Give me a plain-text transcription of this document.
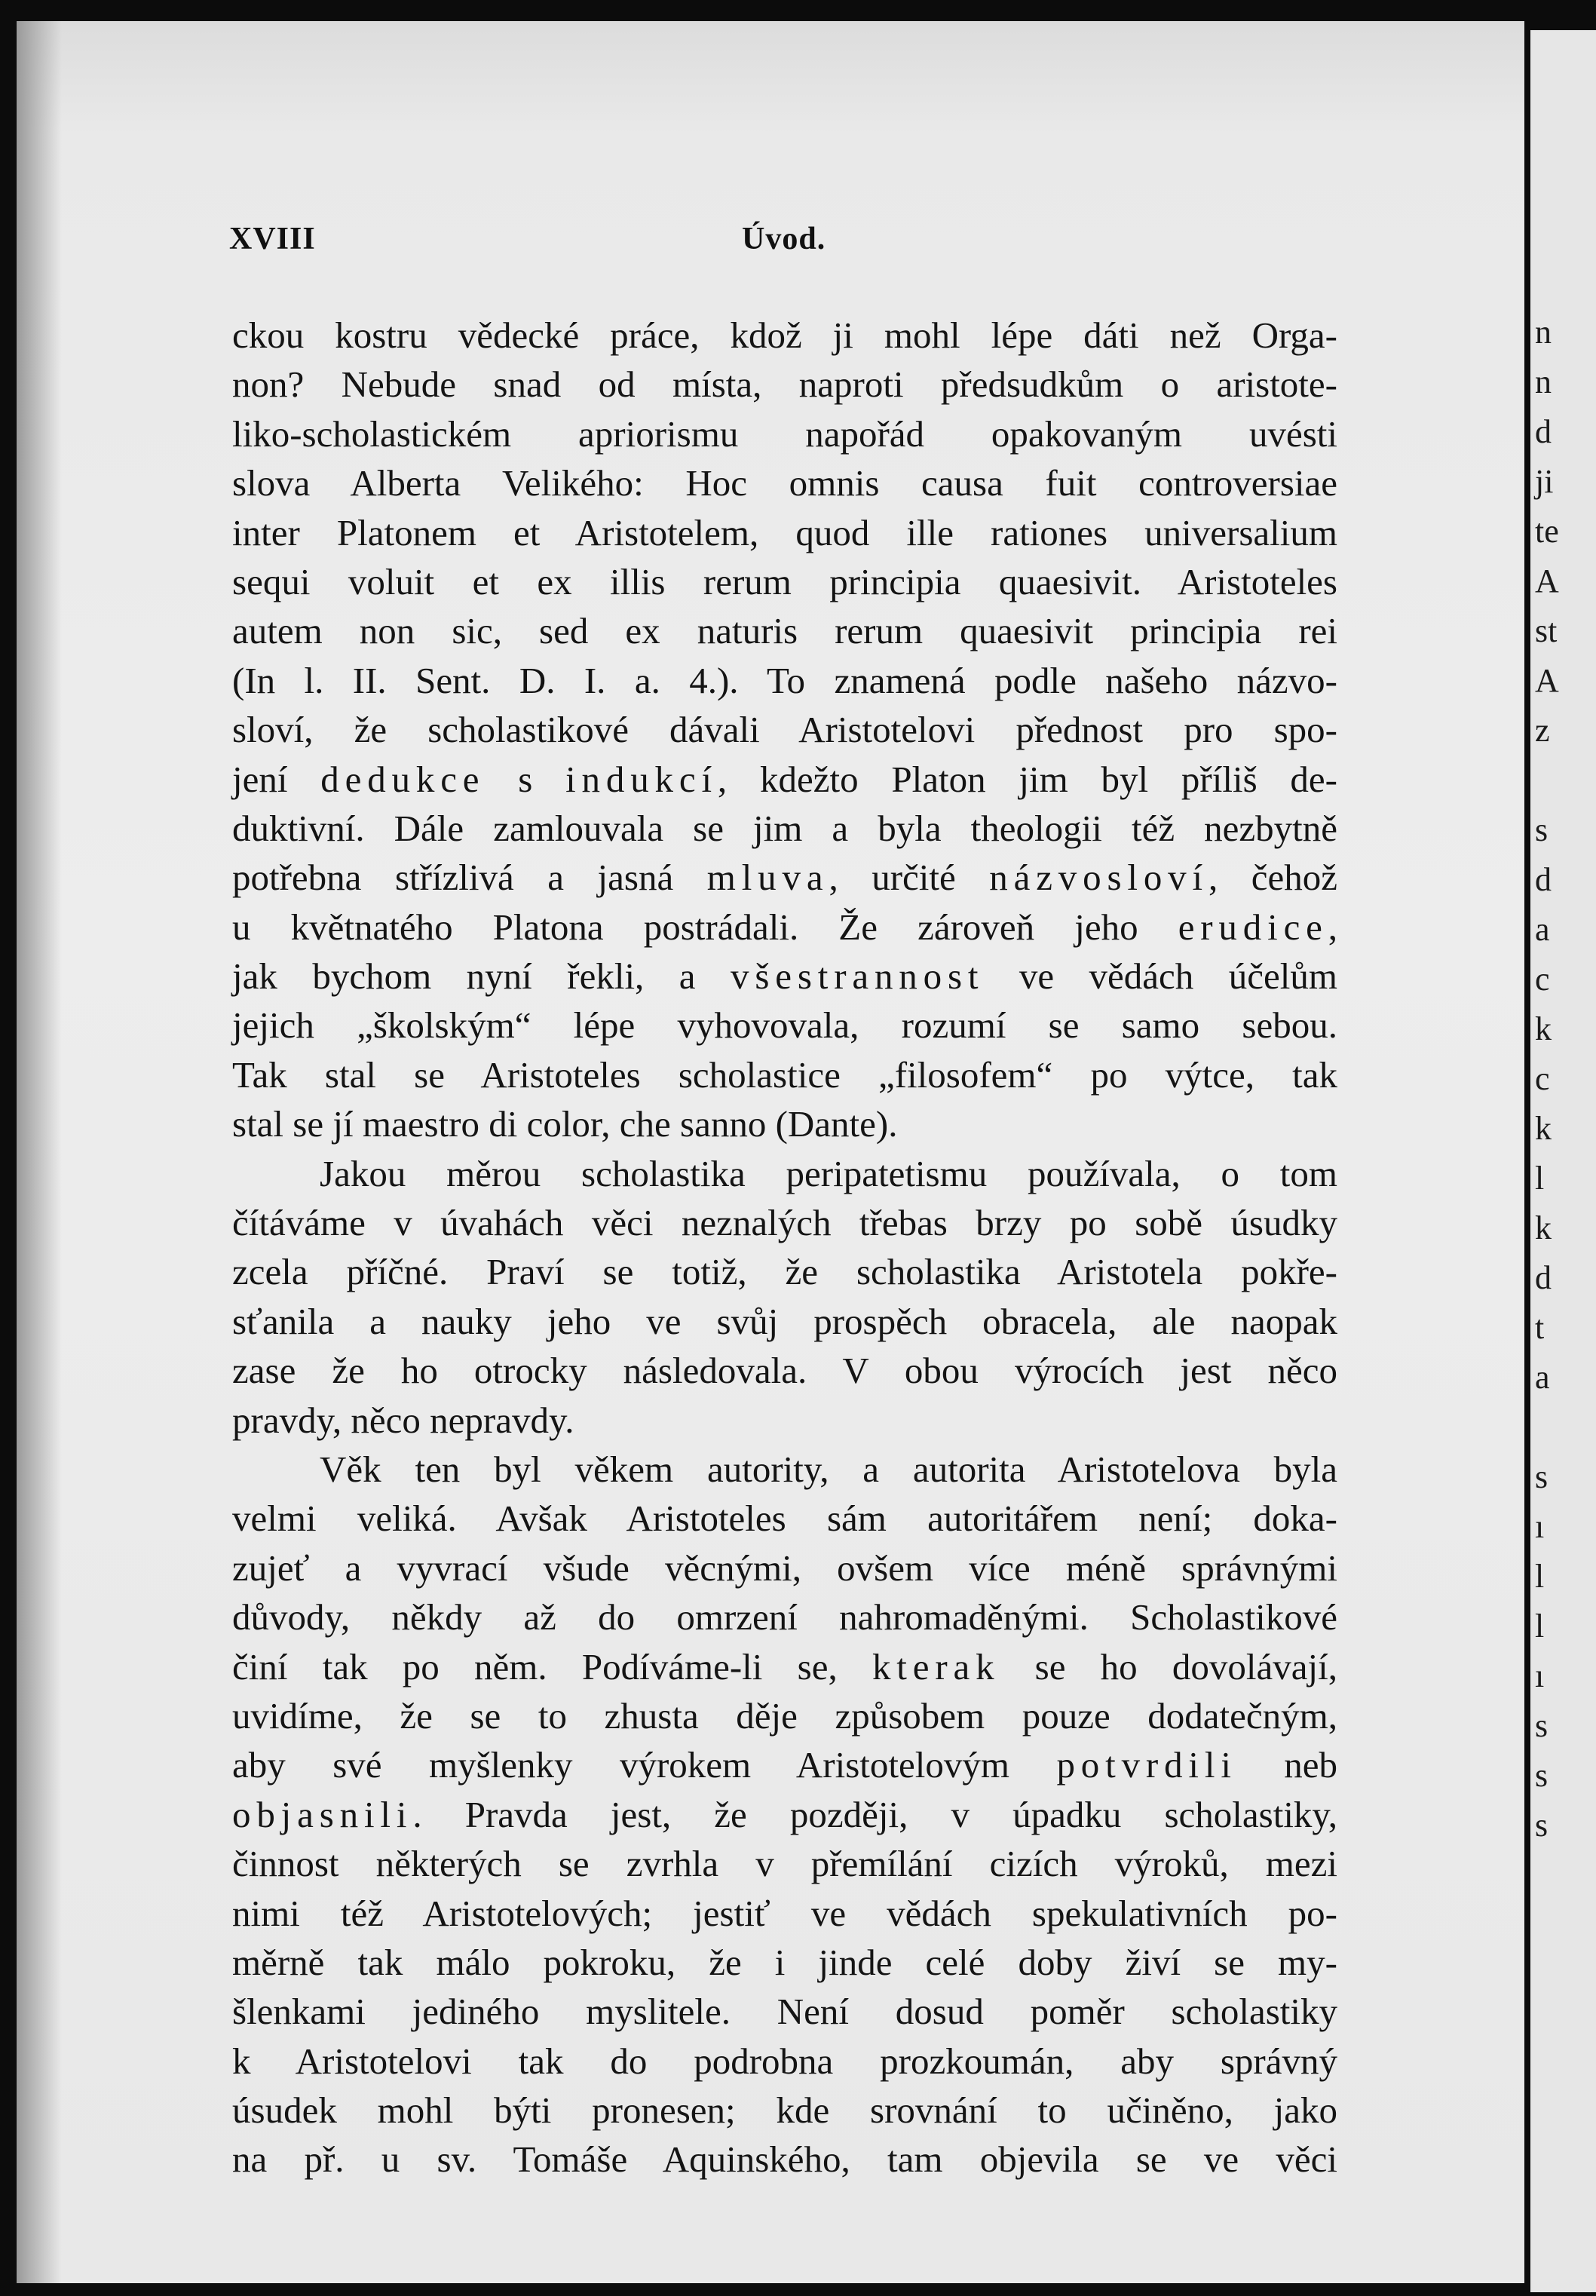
XVIII	Úvod.
ckou kostru vědecké práce, kdož ji mohl lépe dáti než Orga-
non? Nebude snad od místa, naproti předsudkům o aristote-
liko-scholastickém apriorismu napořád opakovaným uvésti
slova Alberta Velikého: Hoc omnis causa fuit controversiae
inter Platonem et Aristotelem, quod ille rationes universalium
sequi voluit et ex illis rerum principia quaesivit. Aristoteles
autem non sic, sed ex naturis rerum quaesivit principia rei
(In l. II. Sent. D. I. a. 4.). To znamená podle našeho názvo-
sloví, že scholastikové dávali Aristotelovi přednost pro spo-
jení dedukce s indukcí, kdežto Platon jim byl příliš de-
duktivní. Dále zamlouvala se jim a byla theologii též nezbytně
potřebna střízlivá a jasná mluva, určité názvosloví, čehož
u květnatého Platona postrádali. Že zároveň jeho erudice,
jak bychom nyní řekli, a všestrannost ve vědách účelům
jejich „školským“ lépe vyhovovala, rozumí se samo sebou.
Tak stal se Aristoteles scholastice „filosofem“ po výtce, tak
stal se jí maestro di color, che sanno (Dante).
Jakou měrou scholastika peripatetismu používala, o tom
čítáváme v úvahách věci neznalých třebas brzy po sobě úsudky
zcela příčné. Praví se totiž, že scholastika Aristotela pokře-
sťanila a nauky jeho ve svůj prospěch obracela, ale naopak
zase že ho otrocky následovala. V obou výrocích jest něco
pravdy, něco nepravdy.
Věk ten byl věkem autority, a autorita Aristotelova byla
velmi veliká. Avšak Aristoteles sám autoritářem není; doka-
zujeť a vyvrací všude věcnými, ovšem více méně správnými
důvody, někdy až do omrzení nahromaděnými. Scholastikové
činí tak po něm. Podíváme-li se, kterak se ho dovolávají,
uvidíme, že se to zhusta děje způsobem pouze dodatečným,
aby své myšlenky výrokem Aristotelovým potvrdili neb
objasnili. Pravda jest, že později, v úpadku scholastiky,
činnost některých se zvrhla v přemílání cizích výroků, mezi
nimi též Aristotelových; jestiť ve vědách spekulativních po-
měrně tak málo pokroku, že i jinde celé doby živí se my-
šlenkami jediného myslitele. Není dosud poměr scholastiky
k Aristotelovi tak do podrobna prozkoumán, aby správný
úsudek mohl býti pronesen; kde srovnání to učiněno, jako
na př. u sv. Tomáše Aquinského, tam objevila se ve věci
n
n
d
ji
te
A
st
A
z
s
d
a
c
k
c
k
l
k
d
t
a
s
ı
l
l
ı
s
s
s
